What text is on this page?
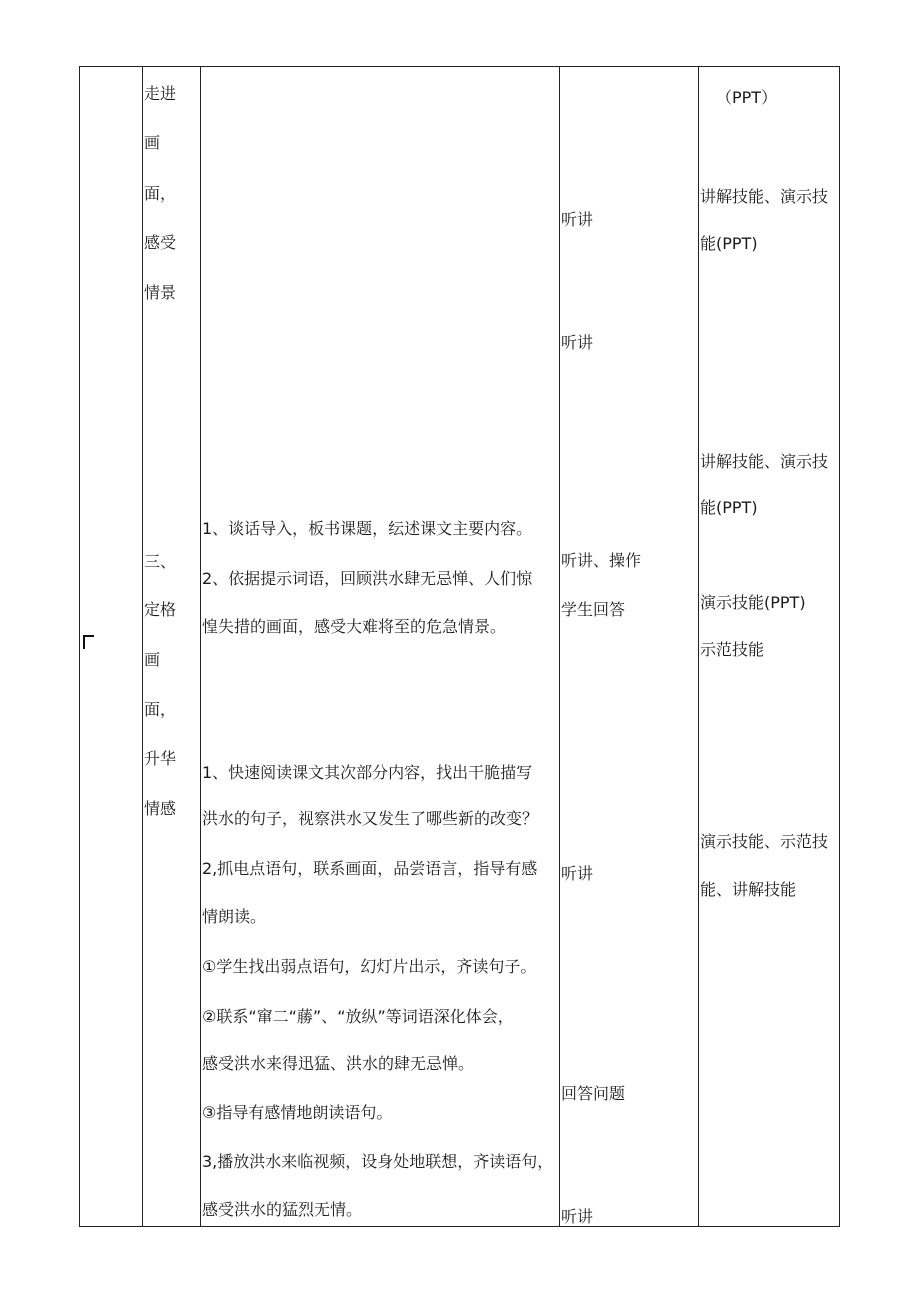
走进
画
面，
感受
情景
三、
定格
画
面，
升华
情感
1、谈话导入，板书课题，纭述课文主要内容。
2、依据提示词语，回顾洪水肆无忌惮、人们惊
惶失措的画面，感受大难将至的危急情景。
1、快速阅读课文其次部分内容，找出干脆描写
洪水的句子，视察洪水又发生了哪些新的改变？
2,抓电点语句，联系画面，品尝语言，指导有感
情朗读。
①学生找出弱点语句，幻灯片出示，齐读句子。
②联系“窜二“蕂”、“放纵”等词语深化体会，
感受洪水来得迅猛、洪水的肆无忌惮。
③指导有感情地朗读语句。
3,播放洪水来临视频，设身处地联想，齐读语句，
感受洪水的猛烈无情。
听讲
听讲
听讲、操作
学生回答
听讲
回答问题
听讲
（PPT）
讲解技能、演示技
能(PPT)
讲解技能、演示技
能(PPT)
演示技能(PPT)
示范技能
演示技能、示范技
能、讲解技能
